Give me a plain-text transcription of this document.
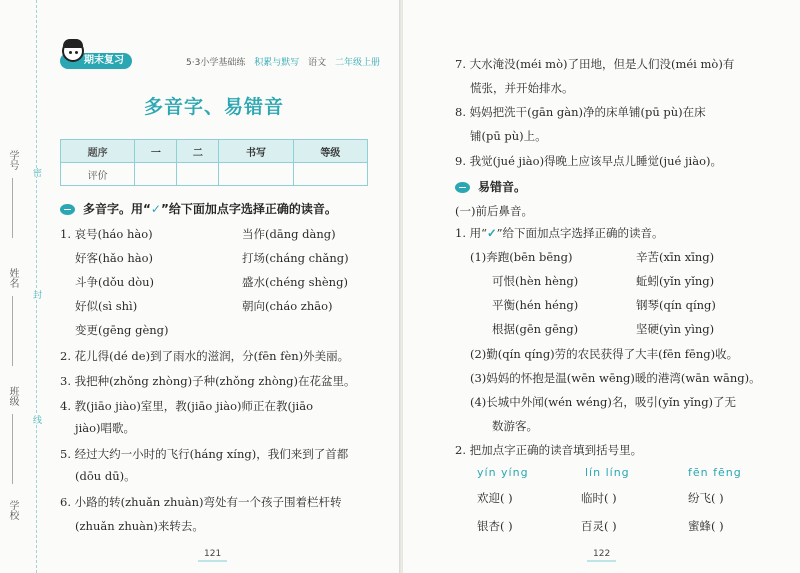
学号
姓名
班级
学校
密
封
线
期末复习	5·3小学基础练 积累与默写 语文 二年级上册
多音字、易错音
题序	一	二	书写	等级
评价				
多音字。用“✓”给下面加点字选择正确的读音。
1. 哀号(háo hào)	当作(dāng dàng)
好客(hǎo hào)	打场(cháng chǎng)
斗争(dǒu dòu)	盛水(chéng shèng)
好似(sì shì)	朝向(cháo zhāo)
变更(gēng gèng)
2. 花儿得(dé de)到了雨水的滋润，分(fēn fèn)外美丽。
3. 我把种(zhǒng zhòng)子种(zhǒng zhòng)在花盆里。
4. 教(jiāo jiào)室里，教(jiāo jiào)师正在教(jiāo
jiào)唱歌。
5. 经过大约一小时的飞行(háng xíng)，我们来到了首都
(dōu dū)。
6. 小路的转(zhuǎn zhuàn)弯处有一个孩子围着栏杆转
(zhuǎn zhuàn)来转去。
121
7. 大水淹没(méi mò)了田地，但是人们没(méi mò)有
慌张，并开始排水。
8. 妈妈把洗干(gān gàn)净的床单铺(pū pù)在床
铺(pū pù)上。
9. 我觉(jué jiào)得晚上应该早点儿睡觉(jué jiào)。
易错音。
(一)前后鼻音。
1. 用“✓”给下面加点字选择正确的读音。
(1)奔跑(bēn bēng)	辛苦(xīn xīng)
可恨(hèn hèng)	蚯蚓(yǐn yǐng)
平衡(hén héng)	钢琴(qín qíng)
根据(gēn gēng)	坚硬(yìn yìng)
(2)勤(qín qíng)劳的农民获得了大丰(fēn fēng)收。
(3)妈妈的怀抱是温(wēn wēng)暖的港湾(wān wāng)。
(4)长城中外闻(wén wéng)名，吸引(yǐn yǐng)了无
数游客。
2. 把加点字正确的读音填到括号里。
yín yíng	lín líng	fēn fēng
欢迎( )	临时( )	纷飞( )
银杏( )	百灵( )	蜜蜂( )
122
